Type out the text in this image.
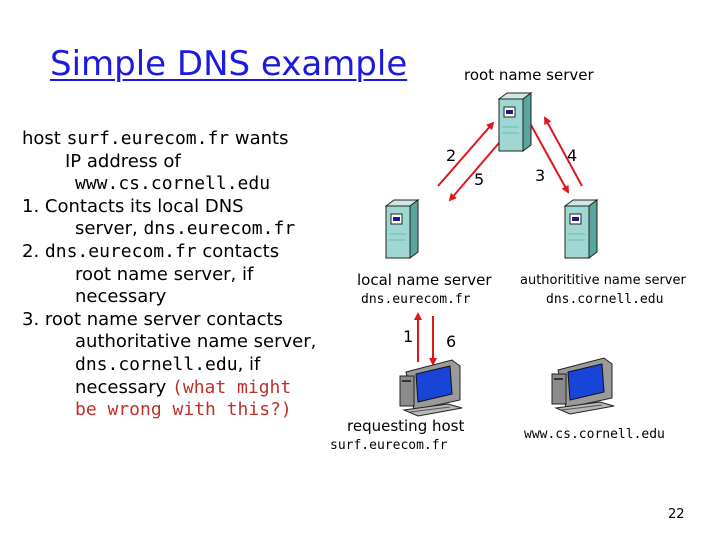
Simple DNS example
host surf.eurecom.fr wants
IP address of
www.cs.cornell.edu
1. Contacts its local DNS
server, dns.eurecom.fr
2. dns.eurecom.fr contacts
root name server, if
necessary
3. root name server contacts
authoritative name server,
dns.cornell.edu, if
necessary (what might
be wrong with this?)
root name server
2
5	3
4
local name server
dns.eurecom.fr
authorititive name server
dns.cornell.edu
1 6
requesting host
surf.eurecom.fr
www.cs.cornell.edu
22
